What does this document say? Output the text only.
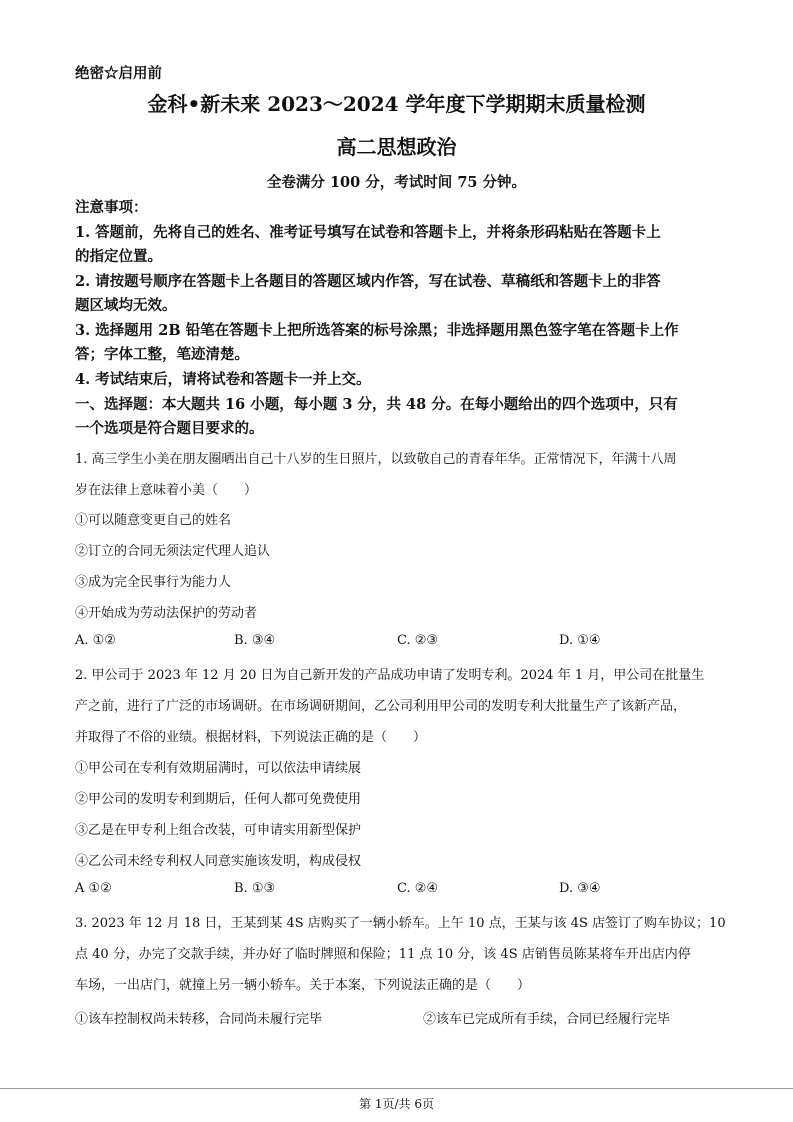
绝密☆启用前
金科•新未来 2023～2024 学年度下学期期末质量检测
高二思想政治
全卷满分 100 分，考试时间 75 分钟。
注意事项：
1. 答题前，先将自己的姓名、准考证号填写在试卷和答题卡上，并将条形码粘贴在答题卡上
的指定位置。
2. 请按题号顺序在答题卡上各题目的答题区域内作答，写在试卷、草稿纸和答题卡上的非答
题区域均无效。
3. 选择题用 2B 铅笔在答题卡上把所选答案的标号涂黑；非选择题用黑色签字笔在答题卡上作
答；字体工整，笔迹清楚。
4. 考试结束后，请将试卷和答题卡一并上交。
一、选择题：本大题共 16 小题，每小题 3 分，共 48 分。在每小题给出的四个选项中，只有
一个选项是符合题目要求的。
1. 高三学生小美在朋友圈晒出自己十八岁的生日照片，以致敬自己的青春年华。正常情况下，年满十八周
岁在法律上意味着小美（　　）
①可以随意变更自己的姓名
②订立的合同无须法定代理人追认
③成为完全民事行为能力人
④开始成为劳动法保护的劳动者
A. ①②	B. ③④	C. ②③	D. ①④
2. 甲公司于 2023 年 12 月 20 日为自己新开发的产品成功申请了发明专利。2024 年 1 月，甲公司在批量生
产之前，进行了广泛的市场调研。在市场调研期间，乙公司利用甲公司的发明专利大批量生产了该新产品，
并取得了不俗的业绩。根据材料，下列说法正确的是（　　）
①甲公司在专利有效期届满时，可以依法申请续展
②甲公司的发明专利到期后，任何人都可免费使用
③乙是在甲专利上组合改装，可申请实用新型保护
④乙公司未经专利权人同意实施该发明，构成侵权
A ①②	B. ①③	C. ②④	D. ③④
3. 2023 年 12 月 18 日，王某到某 4S 店购买了一辆小轿车。上午 10 点，王某与该 4S 店签订了购车协议；10
点 40 分，办完了交款手续，并办好了临时牌照和保险；11 点 10 分，该 4S 店销售员陈某将车开出店内停
车场，一出店门，就撞上另一辆小轿车。关于本案，下列说法正确的是（　　）
①该车控制权尚未转移，合同尚未履行完毕	②该车已完成所有手续，合同已经履行完毕
第 1页/共 6页
